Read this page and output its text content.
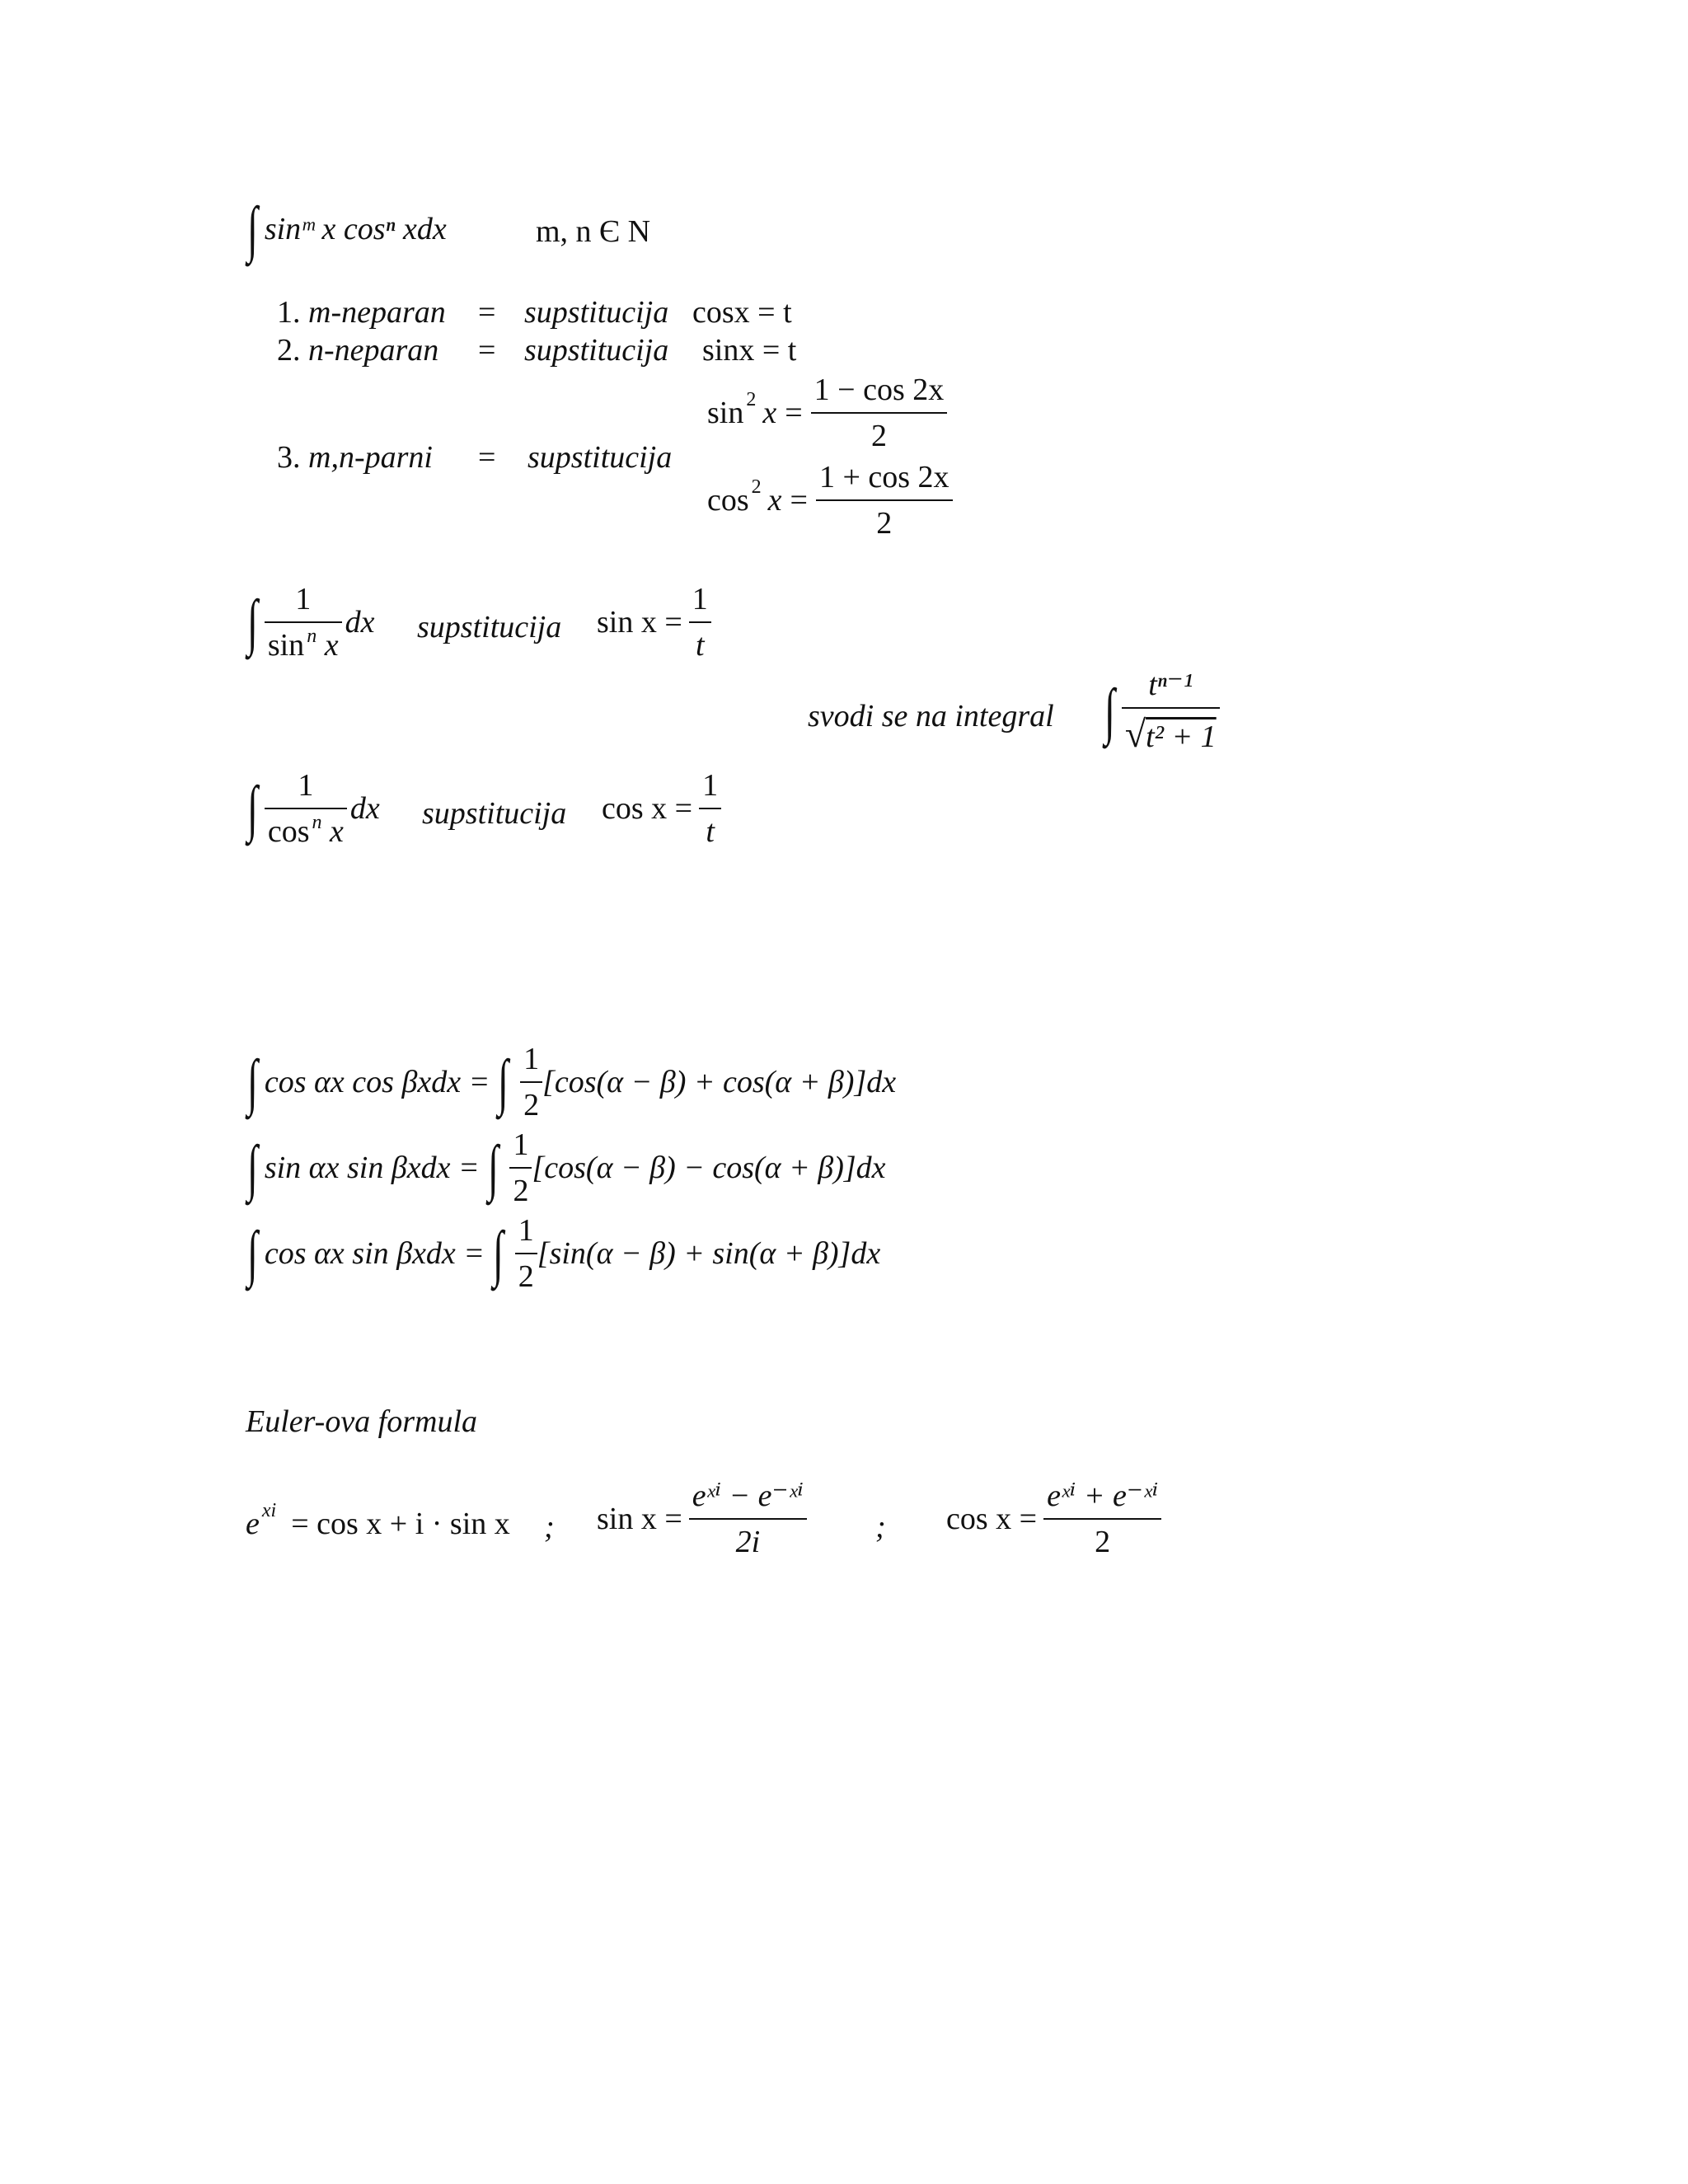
∫ sinᵐ x cosⁿ xdx	m, n Є N
1. m-neparan = supstitucija cosx = t
2. n-neparan = supstitucija sinx = t
3. m,n-parni = supstitucija
sin 2 $x = \frac{1 - \cos 2x}{2}$
cos 2 $x = \frac{1 + \cos 2x}{2}$
∫ $\frac{1}{\sin ^n x}$ dx supstitucija $\sin x = \frac{1}{t}$
svodi se na integral ∫ $\frac{\text{tⁿ⁻¹}}{\text{√t² + 1}}$
∫ $\frac{1}{\cos ^n x}$ dx supstitucija $\cos x = \frac{1}{t}$
∫ cos αx cos βxdx = ∫ $\frac{1}{2} [\cos(\alpha - \beta) + \cos(\alpha + \beta)]dx$
∫ sin αx sin βxdx = ∫ $\frac{1}{2} [\cos(\alpha - \beta) - \cos(\alpha + \beta)]dx$
∫ cos αx sin βxdx = ∫ $\frac{1}{2} [\sin(\alpha - \beta) + \sin(\alpha + \beta)]dx$
Euler-ova formula
e xi = cos x + i · sin x ; $\sin x = \frac{\text{eˣⁱ − e⁻ˣⁱ}}{2i}$ ; $\cos x = \frac{\text{eˣⁱ + e⁻ˣⁱ}}{2}$
